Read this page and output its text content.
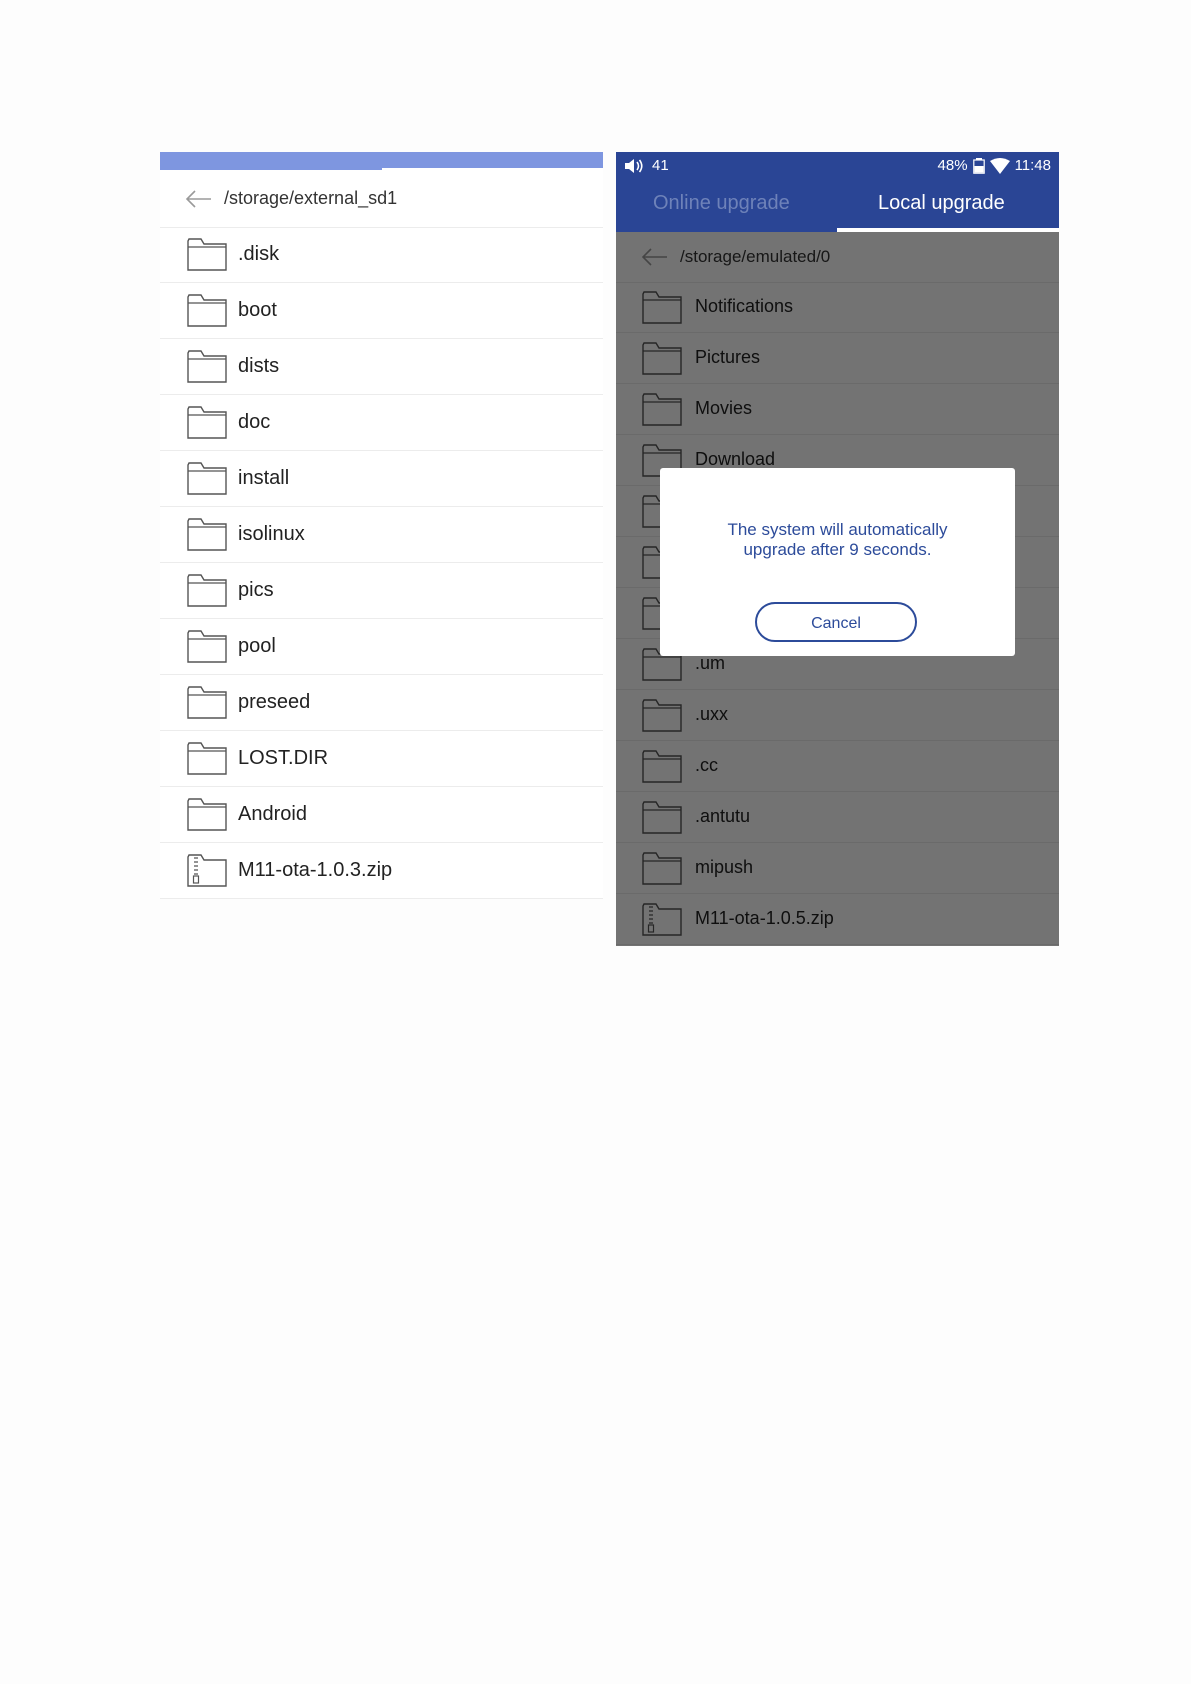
/storage/external_sd1
.disk
boot
dists
doc
install
isolinux
pics
pool
preseed
LOST.DIR
Android
M11-ota-1.0.3.zip
41	48%	11:48
Online upgrade	Local upgrade
The system will automatically
upgrade after 9 seconds.
Cancel
